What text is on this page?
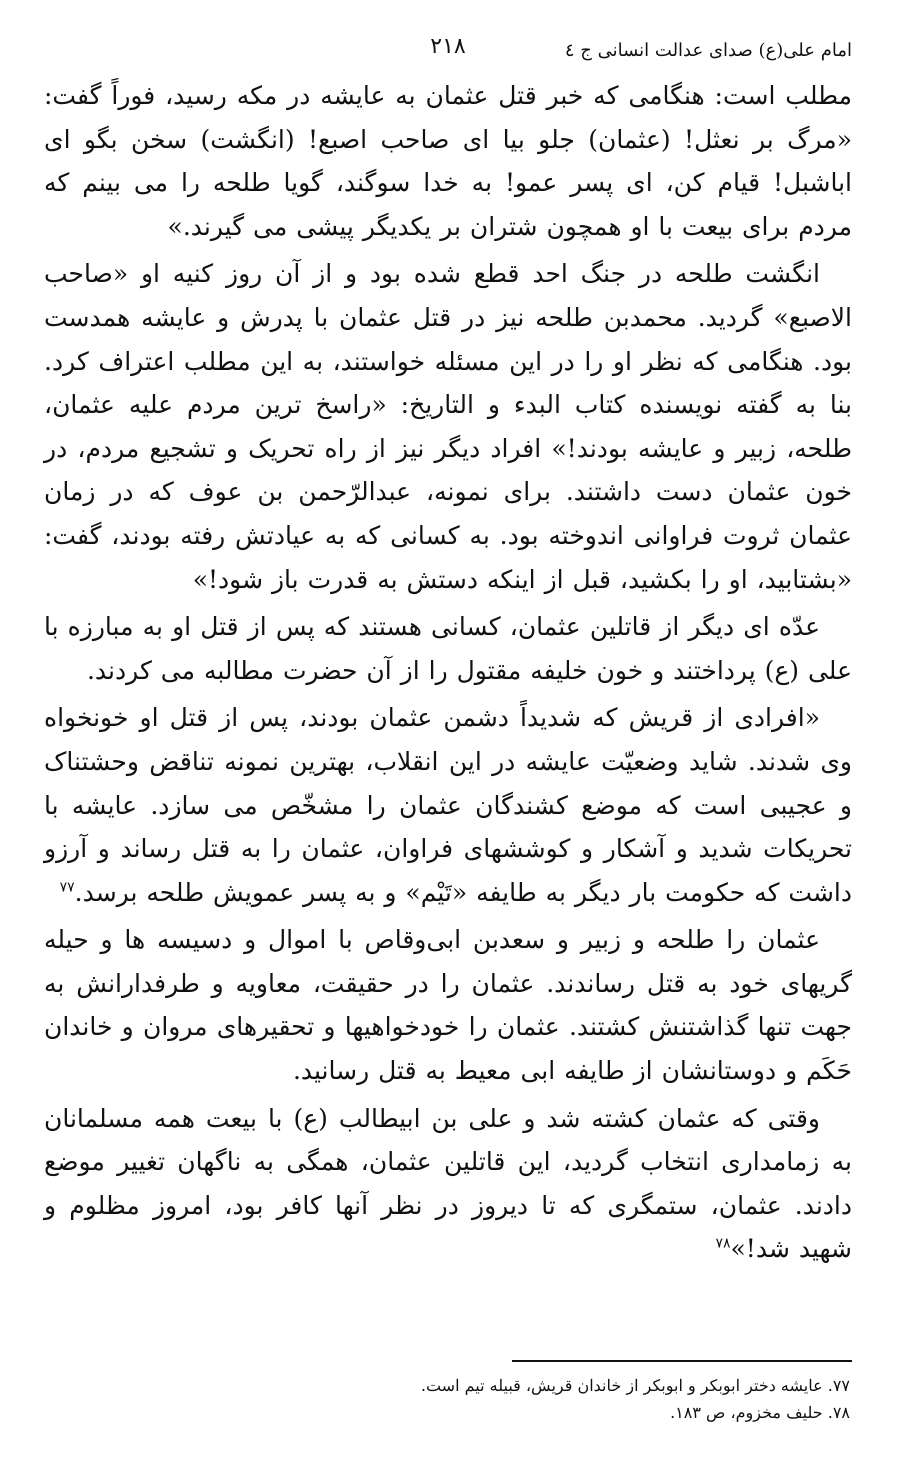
امام علی(ع) صدای عدالت انسانی ج ٤
٢١٨

مطلب است: هنگامی که خبر قتل عثمان به عایشه در مکه رسید، فوراً گفت: «مرگ بر نعثل! (عثمان) جلو بیا ای صاحب اصبع! (انگشت) سخن بگو ای اباشبل! قیام کن، ای پسر عمو! به خدا سوگند، گویا طلحه را می بینم که مردم برای بیعت با او همچون شتران بر یکدیگر پیشی می گیرند.»

انگشت طلحه در جنگ احد قطع شده بود و از آن روز کنیه او «صاحب الاصبع» گردید. محمدبن طلحه نیز در قتل عثمان با پدرش و عایشه همدست بود. هنگامی که نظر او را در این مسئله خواستند، به این مطلب اعتراف کرد. بنا به گفته نویسنده کتاب البدء و التاریخ: «راسخ ترین مردم علیه عثمان، طلحه، زبیر و عایشه بودند!» افراد دیگر نیز از راه تحریک و تشجیع مردم، در خون عثمان دست داشتند. برای نمونه، عبدالرّحمن بن عوف که در زمان عثمان ثروت فراوانی اندوخته بود. به کسانی که به عیادتش رفته بودند، گفت: «بشتابید، او را بکشید، قبل از اینکه دستش به قدرت باز شود!»

عدّه ای دیگر از قاتلین عثمان، کسانی هستند که پس از قتل او به مبارزه با علی (ع) پرداختند و خون خلیفه مقتول را از آن حضرت مطالبه می کردند.

«افرادی از قریش که شدیداً دشمن عثمان بودند، پس از قتل او خونخواه وی شدند. شاید وضعیّت عایشه در این انقلاب، بهترین نمونه تناقض وحشتناک و عجیبی است که موضع کشندگان عثمان را مشخّص می سازد. عایشه با تحریکات شدید و آشکار و کوششهای فراوان، عثمان را به قتل رساند و آرزو داشت که حکومت بار دیگر به طایفه «تَیْم» و به پسر عمویش طلحه برسد.$^{٧٧}$

عثمان را طلحه و زبیر و سعدبن ابی‌وقاص با اموال و دسیسه ها و حیله گریهای خود به قتل رساندند. عثمان را در حقیقت، معاویه و طرفدارانش به جهت تنها گذاشتنش کشتند. عثمان را خودخواهیها و تحقیرهای مروان و خاندان حَکَم و دوستانشان از طایفه ابی معیط به قتل رسانید.

وقتی که عثمان کشته شد و علی بن ابیطالب (ع) با بیعت همه مسلمانان به زمامداری انتخاب گردید، این قاتلین عثمان، همگی به ناگهان تغییر موضع دادند. عثمان، ستمگری که تا دیروز در نظر آنها کافر بود، امروز مظلوم و شهید شد!»$^{٧٨}$

٧٧. عایشه دختر ابوبکر و ابوبکر از خاندان قریش، قبیله تیم است.

٧٨. حلیف مخزوم، ص ١٨٣.
